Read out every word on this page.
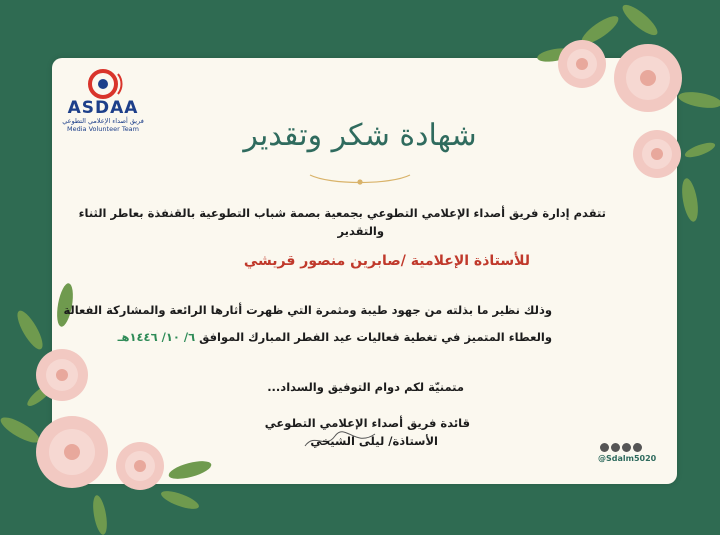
ASDAA
فريق أصداء الإعلامي التطوعي
Media Volunteer Team	شهادة شكر وتقدير
تتقدم إدارة فريق أصداء الإعلامي التطوعي بجمعية بصمة شباب التطوعية بالقنفذة بعاطر الثناء
والتقدير
للأستاذة الإعلامية /صابرين منصور قريشي
وذلك نظير ما بذلته من جهود طيبة ومثمرة التي ظهرت أثارها الرائعة والمشاركة الفعالة
والعطاء المتميز في تغطية فعاليات عيد الفطر المبارك الموافق ٦/ ١٠/ ١٤٤٦هـ
متمنيّة لكم دوام التوفيق والسداد...
قائدة فريق أصداء الإعلامي التطوعي
الأستاذة/ ليلى الشيخي
@Sdalm5020
